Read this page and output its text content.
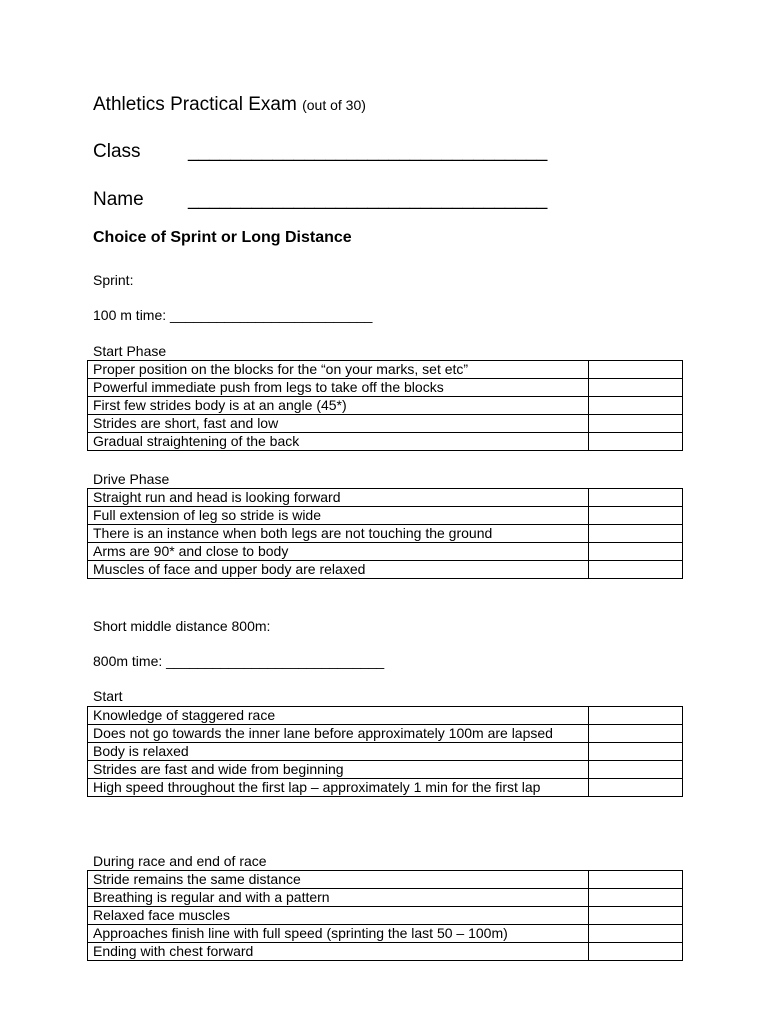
Athletics Practical Exam (out of 30)
Class __________________________________
Name __________________________________
Choice of Sprint or Long Distance
Sprint:
100 m time: __________________________
Start Phase
Proper position on the blocks for the “on your marks, set etc”	

Powerful immediate push from legs to take off the blocks	

First few strides body is at an angle (45*)	

Strides are short, fast and low	

Gradual straightening of the back	

Drive Phase
Straight run and head is looking forward	

Full extension of leg so stride is wide	

There is an instance when both legs are not touching the ground	

Arms are 90* and close to body	

Muscles of face and upper body are relaxed	

Short middle distance 800m:
800m time: ____________________________
Start
Knowledge of staggered race	

Does not go towards the inner lane before approximately 100m are lapsed	

Body is relaxed	

Strides are fast and wide from beginning	

High speed throughout the first lap – approximately 1 min for the first lap	

During race and end of race
Stride remains the same distance	

Breathing is regular and with a pattern	

Relaxed face muscles	

Approaches finish line with full speed (sprinting the last 50 – 100m)	

Ending with chest forward	
